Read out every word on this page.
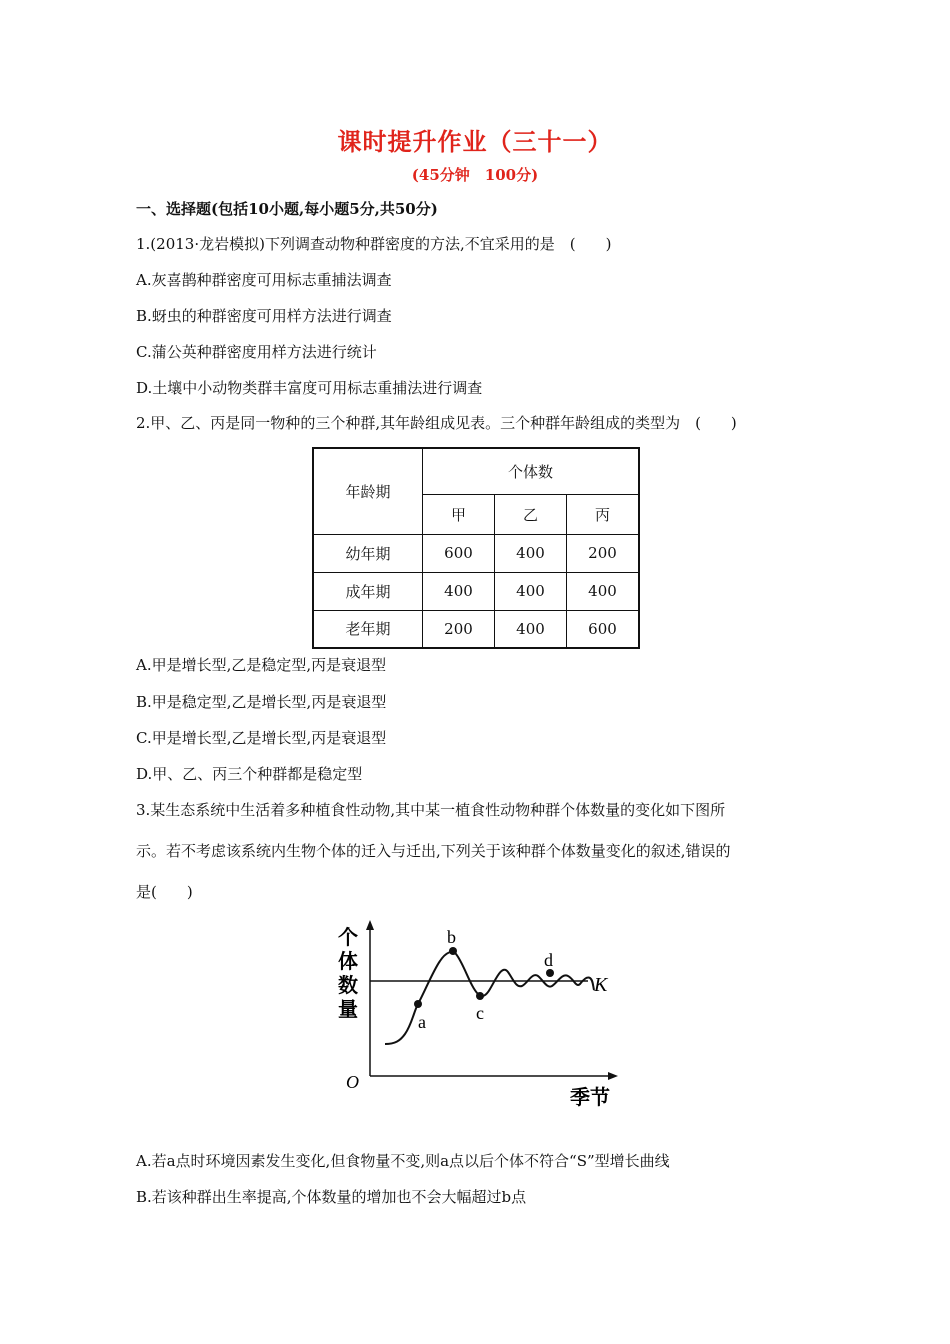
课时提升作业（三十一）
(45分钟　100分)
一、选择题(包括10小题,每小题5分,共50分)
1.(2013·龙岩模拟)下列调查动物种群密度的方法,不宜采用的是　(　　)
A.灰喜鹊种群密度可用标志重捕法调查
B.蚜虫的种群密度可用样方法进行调查
C.蒲公英种群密度用样方法进行统计
D.土壤中小动物类群丰富度可用标志重捕法进行调查
2.甲、乙、丙是同一物种的三个种群,其年龄组成见表。三个种群年龄组成的类型为　(　　)
年龄期	个体数		
	甲	乙	丙
幼年期	600	400	200
成年期	400	400	400
老年期	200	400	600
A.甲是增长型,乙是稳定型,丙是衰退型
B.甲是稳定型,乙是增长型,丙是衰退型
C.甲是增长型,乙是增长型,丙是衰退型
D.甲、乙、丙三个种群都是稳定型
3.某生态系统中生活着多种植食性动物,其中某一植食性动物种群个体数量的变化如下图所
示。若不考虑该系统内生物个体的迁入与迁出,下列关于该种群个体数量变化的叙述,错误的
是(　　)
a
b
c
d
K
O
个
体
数
量
季节
A.若a点时环境因素发生变化,但食物量不变,则a点以后个体不符合“S”型增长曲线
B.若该种群出生率提高,个体数量的增加也不会大幅超过b点
